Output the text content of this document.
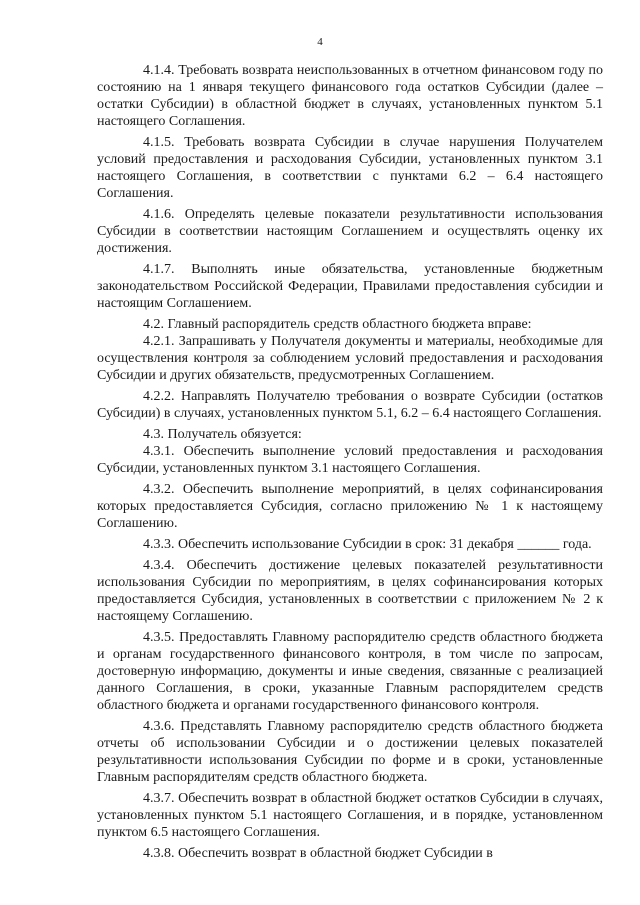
4

4.1.4. Требовать возврата неиспользованных в отчетном финансовом году по состоянию на 1 января текущего финансового года остатков Субсидии (далее – остатки Субсидии) в областной бюджет в случаях, установленных пунктом 5.1 настоящего Соглашения.

4.1.5. Требовать возврата Субсидии в случае нарушения Получателем условий предоставления и расходования Субсидии, установленных пунктом 3.1 настоящего Соглашения, в соответствии с пунктами 6.2 – 6.4 настоящего Соглашения.

4.1.6. Определять целевые показатели результативности использования Субсидии в соответствии настоящим Соглашением и осуществлять оценку их достижения.

4.1.7. Выполнять иные обязательства, установленные бюджетным законодательством Российской Федерации, Правилами предоставления субсидии и настоящим Соглашением.

4.2. Главный распорядитель средств областного бюджета вправе:

4.2.1. Запрашивать у Получателя документы и материалы, необходимые для осуществления контроля за соблюдением условий предоставления и расходования Субсидии и других обязательств, предусмотренных Соглашением.

4.2.2. Направлять Получателю требования о возврате Субсидии (остатков Субсидии) в случаях, установленных пунктом 5.1, 6.2 – 6.4 настоящего Соглашения.

4.3. Получатель обязуется:

4.3.1. Обеспечить выполнение условий предоставления и расходования Субсидии, установленных пунктом 3.1 настоящего Соглашения.

4.3.2. Обеспечить выполнение мероприятий, в целях софинансирования которых предоставляется Субсидия, согласно приложению № 1 к настоящему Соглашению.

4.3.3. Обеспечить использование Субсидии в срок: 31 декабря ______ года.

4.3.4. Обеспечить достижение целевых показателей результативности использования Субсидии по мероприятиям, в целях софинансирования которых предоставляется Субсидия, установленных в соответствии с приложением № 2 к настоящему Соглашению.

4.3.5. Предоставлять Главному распорядителю средств областного бюджета и органам государственного финансового контроля, в том числе по запросам, достоверную информацию, документы и иные сведения, связанные с реализацией данного Соглашения, в сроки, указанные Главным распорядителем средств областного бюджета и органами государственного финансового контроля.

4.3.6. Представлять Главному распорядителю средств областного бюджета отчеты об использовании Субсидии и о достижении целевых показателей результативности использования Субсидии по форме и в сроки, установленные Главным распорядителям средств областного бюджета.

4.3.7. Обеспечить возврат в областной бюджет остатков Субсидии в случаях, установленных пунктом 5.1 настоящего Соглашения, и в порядке, установленном пунктом 6.5 настоящего Соглашения.

4.3.8. Обеспечить возврат в областной бюджет Субсидии в
